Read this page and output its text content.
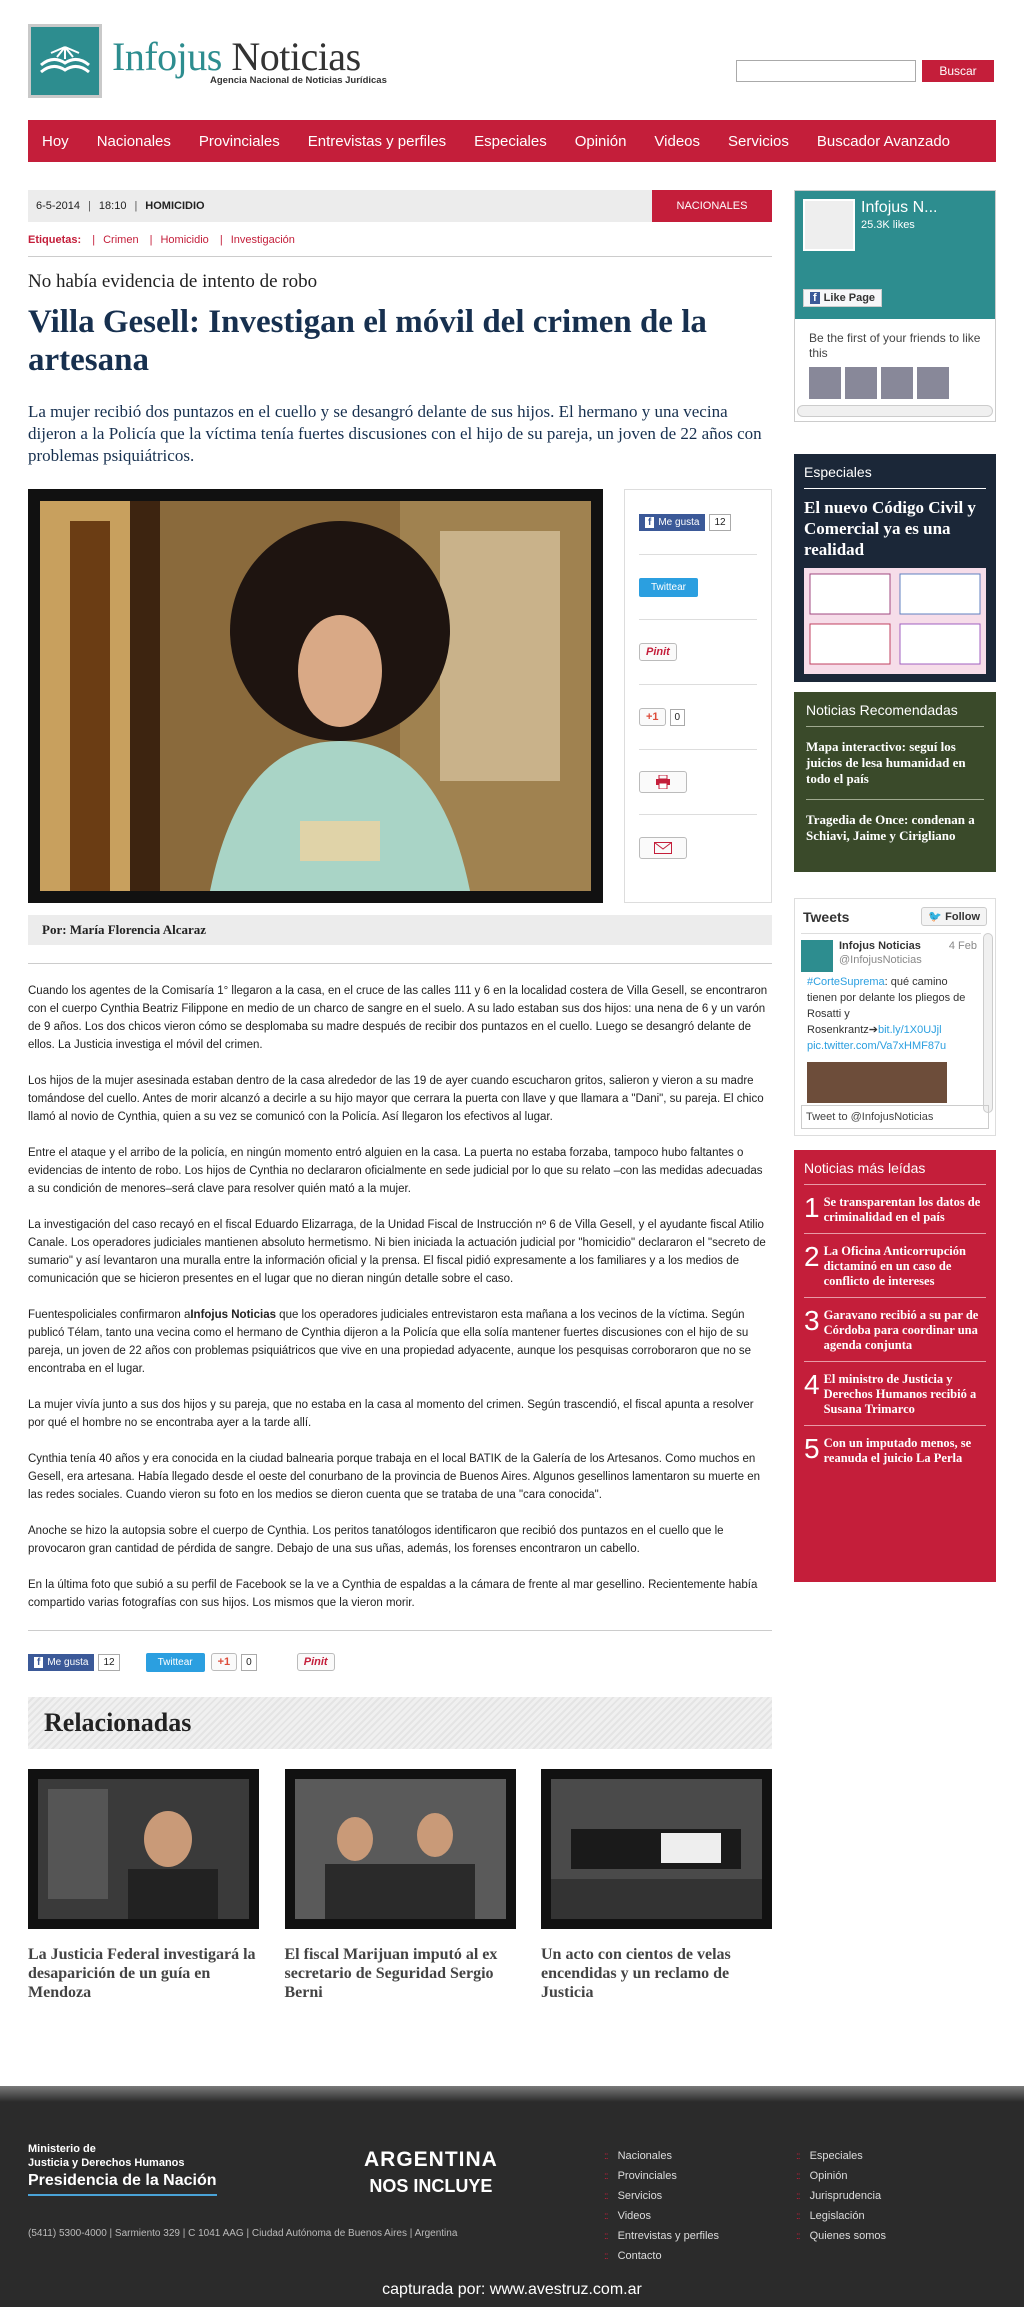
Infojus Noticias
Agencia Nacional de Noticias Jurídicas
Buscar
Hoy	Nacionales	Provinciales	Entrevistas y perfiles	Especiales	Opinión	Videos	Servicios	Buscador Avanzado
6-5-2014 | 18:10 | HOMICIDIO	NACIONALES
Etiquetas: | Crimen | Homicidio | Investigación
No había evidencia de intento de robo
Villa Gesell: Investigan el móvil del crimen de la artesana
La mujer recibió dos puntazos en el cuello y se desangró delante de sus hijos. El hermano y una vecina dijeron a la Policía que la víctima tenía fuertes discusiones con el hijo de su pareja, un joven de 22 años con problemas psiquiátricos.
f Me gusta	12
Twittear
Pinit
+1	0
Por: María Florencia Alcaraz

Cuando los agentes de la Comisaría 1° llegaron a la casa, en el cruce de las calles 111 y 6 en la localidad costera de Villa Gesell, se encontraron con el cuerpo Cynthia Beatriz Filippone en medio de un charco de sangre en el suelo. A su lado estaban sus dos hijos: una nena de 6 y un varón de 9 años. Los dos chicos vieron cómo se desplomaba su madre después de recibir dos puntazos en el cuello. Luego se desangró delante de ellos. La Justicia investiga el móvil del crimen.

Los hijos de la mujer asesinada estaban dentro de la casa alrededor de las 19 de ayer cuando escucharon gritos, salieron y vieron a su madre tomándose del cuello. Antes de morir alcanzó a decirle a su hijo mayor que cerrara la puerta con llave y que llamara a "Dani", su pareja. El chico llamó al novio de Cynthia, quien a su vez se comunicó con la Policía. Así llegaron los efectivos al lugar.

Entre el ataque y el arribo de la policía, en ningún momento entró alguien en la casa. La puerta no estaba forzaba, tampoco hubo faltantes o evidencias de intento de robo. Los hijos de Cynthia no declararon oficialmente en sede judicial por lo que su relato –con las medidas adecuadas a su condición de menores–será clave para resolver quién mató a la mujer.

La investigación del caso recayó en el fiscal Eduardo Elizarraga, de la Unidad Fiscal de Instrucción nº 6 de Villa Gesell, y el ayudante fiscal Atilio Canale. Los operadores judiciales mantienen absoluto hermetismo. Ni bien iniciada la actuación judicial por "homicidio" declararon el "secreto de sumario" y así levantaron una muralla entre la información oficial y la prensa. El fiscal pidió expresamente a los familiares y a los medios de comunicación que se hicieron presentes en el lugar que no dieran ningún detalle sobre el caso.

Fuentespoliciales confirmaron aInfojus Noticias que los operadores judiciales entrevistaron esta mañana a los vecinos de la víctima. Según publicó Télam, tanto una vecina como el hermano de Cynthia dijeron a la Policía que ella solía mantener fuertes discusiones con el hijo de su pareja, un joven de 22 años con problemas psiquiátricos que vive en una propiedad adyacente, aunque los pesquisas corroboraron que no se encontraba en el lugar.

La mujer vivía junto a sus dos hijos y su pareja, que no estaba en la casa al momento del crimen. Según trascendió, el fiscal apunta a resolver por qué el hombre no se encontraba ayer a la tarde allí.

Cynthia tenía 40 años y era conocida en la ciudad balnearia porque trabaja en el local BATIK de la Galería de los Artesanos. Como muchos en Gesell, era artesana. Había llegado desde el oeste del conurbano de la provincia de Buenos Aires. Algunos gesellinos lamentaron su muerte en las redes sociales. Cuando vieron su foto en los medios se dieron cuenta que se trataba de una "cara conocida".

Anoche se hizo la autopsia sobre el cuerpo de Cynthia. Los peritos tanatólogos identificaron que recibió dos puntazos en el cuello que le provocaron gran cantidad de pérdida de sangre. Debajo de una sus uñas, además, los forenses encontraron un cabello.

En la última foto que subió a su perfil de Facebook se la ve a Cynthia de espaldas a la cámara de frente al mar gesellino. Recientemente había compartido varias fotografías con sus hijos. Los mismos que la vieron morir.

f Me gusta	12	Twittear	+1	0	Pinit
Relacionadas
La Justicia Federal investigará la desaparición de un guía en Mendoza
El fiscal Marijuan imputó al ex secretario de Seguridad Sergio Berni
Un acto con cientos de velas encendidas y un reclamo de Justicia
Infojus N...
25.3K likes
f Like Page
Be the first of your friends to like this
Especiales
El nuevo Código Civil y Comercial ya es una realidad
Noticias Recomendadas
Mapa interactivo: seguí los juicios de lesa humanidad en todo el país
Tragedia de Once: condenan a Schiavi, Jaime y Cirigliano
Tweets	🐦 Follow
Infojus Noticias
@InfojusNoticias
4 Feb
#CorteSuprema: qué camino tienen por delante los pliegos de Rosatti y Rosenkrantz➔bit.ly/1X0UJjl pic.twitter.com/Va7xHMF87u
Tweet to @InfojusNoticias
Noticias más leídas
1 Se transparentan los datos de criminalidad en el país
2 La Oficina Anticorrupción dictaminó en un caso de conflicto de intereses
3 Garavano recibió a su par de Córdoba para coordinar una agenda conjunta
4 El ministro de Justicia y Derechos Humanos recibió a Susana Trimarco
5 Con un imputado menos, se reanuda el juicio La Perla
Ministerio de
Justicia y Derechos Humanos
Presidencia de la Nación
ARGENTINA
NOS INCLUYE
(5411) 5300-4000 | Sarmiento 329 | C 1041 AAG | Ciudad Autónoma de Buenos Aires | Argentina
:: Nacionales
:: Provinciales
:: Servicios
:: Videos
:: Entrevistas y perfiles
:: Contacto
:: Especiales
:: Opinión
:: Jurisprudencia
:: Legislación
:: Quienes somos
capturada por: www.avestruz.com.ar
